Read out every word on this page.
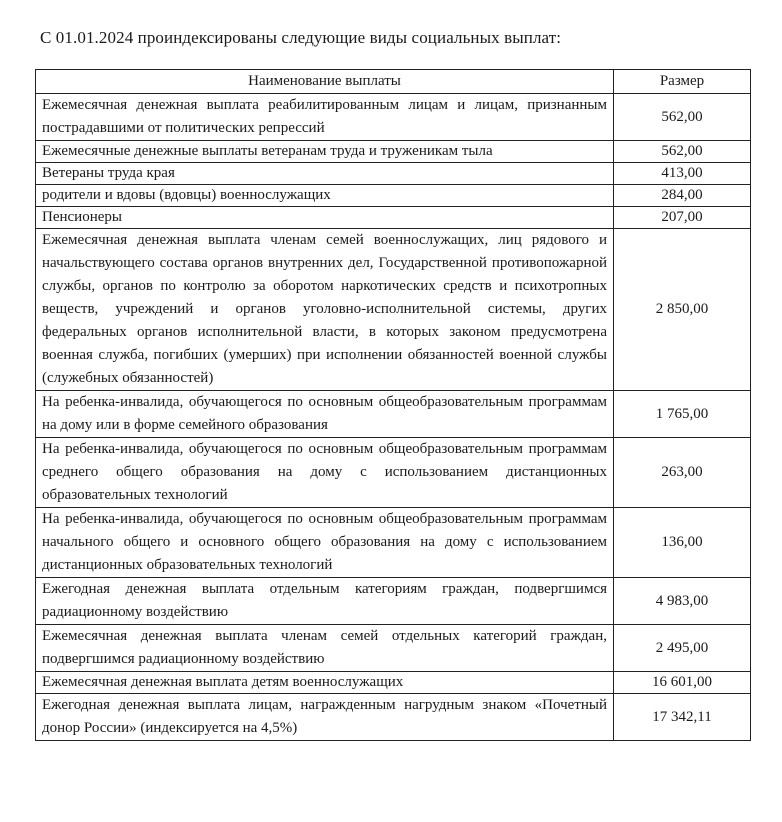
С 01.01.2024 проиндексированы следующие виды социальных выплат:
Наименование выплаты	Размер
Ежемесячная денежная выплата реабилитированным лицам и лицам, признанным пострадавшими от политических репрессий	562,00
Ежемесячные денежные выплаты ветеранам труда и труженикам тыла	562,00
Ветераны труда края	413,00
родители и вдовы (вдовцы) военнослужащих	284,00
Пенсионеры	207,00
Ежемесячная денежная выплата членам семей военнослужащих, лиц рядового и начальствующего состава органов внутренних дел, Государственной противопожарной службы, органов по контролю за оборотом наркотических средств и психотропных веществ, учреждений и органов уголовно-исполнительной системы, других федеральных органов исполнительной власти, в которых законом предусмотрена военная служба, погибших (умерших) при исполнении обязанностей военной службы (служебных обязанностей)	2 850,00
На ребенка-инвалида, обучающегося по основным общеобразовательным программам на дому или в форме семейного образования	1 765,00
На ребенка-инвалида, обучающегося по основным общеобразовательным программам среднего общего образования на дому с использованием дистанционных образовательных технологий	263,00
На ребенка-инвалида, обучающегося по основным общеобразовательным программам начального общего и основного общего образования на дому с использованием дистанционных образовательных технологий	136,00
Ежегодная денежная выплата отдельным категориям граждан, подвергшимся радиационному воздействию	4 983,00
Ежемесячная денежная выплата членам семей отдельных категорий граждан, подвергшимся радиационному воздействию	2 495,00
Ежемесячная денежная выплата детям военнослужащих	16 601,00
Ежегодная денежная выплата лицам, награжденным нагрудным знаком «Почетный донор России» (индексируется на 4,5%)	17 342,11
